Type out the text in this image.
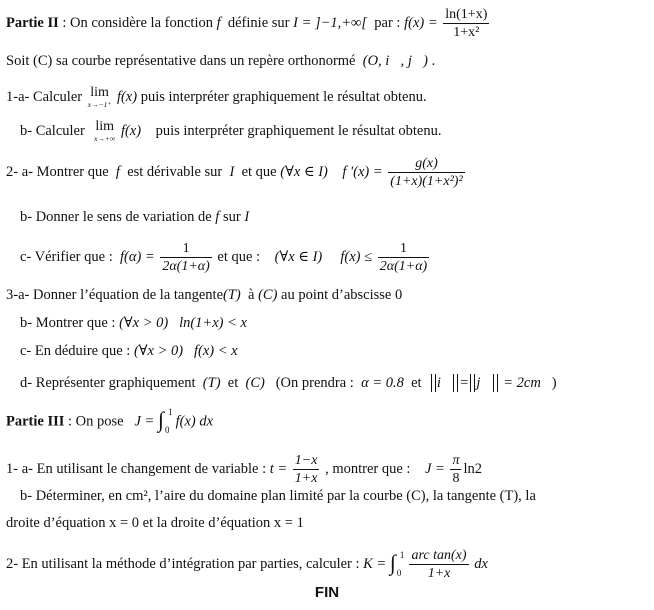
Partie II : On considère la fonction f définie sur I = ]−1,+∞[ par : $f(x) = \frac{\ln(1+x)}{\text{1+x²}}$
Soit (C) sa courbe représentative dans un repère orthonormé (O, i⃗, j⃗) .
1-a- Calculer lim
x→−1⁺ f(x) puis interpréter graphiquement le résultat obtenu.
b- Calculer lim
x→+∞ f(x) puis interpréter graphiquement le résultat obtenu.
2- a- Montrer que f est dérivable sur I et que (∀x ∈ I) f '$(x) = \frac{g(x)}{\text{(1+x)(1+x²)²}}$
b- Donner le sens de variation de f sur I
c- Vérifier que : $f(\alpha) = \frac{1}{2\alpha(1+\alpha)}$ et que : (∀x ∈ I) $f(x) \le \frac{1}{2\alpha(1+\alpha)}$
3-a- Donner l’équation de la tangente(T) à (C) au point d’abscisse 0
b- Montrer que : (∀x > 0) ln(1+x) < x
c- En déduire que : (∀x > 0) f(x) < x
d- Représenter graphiquement (T) et (C) (On prendra : α = 0.8 et i⃗ = j⃗ = 2cm )
Partie III : On pose J = ∫ 1
0
f(x) dx
1- a- En utilisant le changement de variable : $t = \frac{1-x}{1+x}$ , montrer que : $J = \frac{\pi}{8} \ln 2$
b- Déterminer, en cm², l’aire du domaine plan limité par la courbe (C), la tangente (T), la
droite d’équation x = 0 et la droite d’équation x = 1
2- En utilisant la méthode d’intégration par parties, calculer : K = ∫ 1
0
$\frac{\text{arc tan(x)}}{1+x}$ dx
FIN
